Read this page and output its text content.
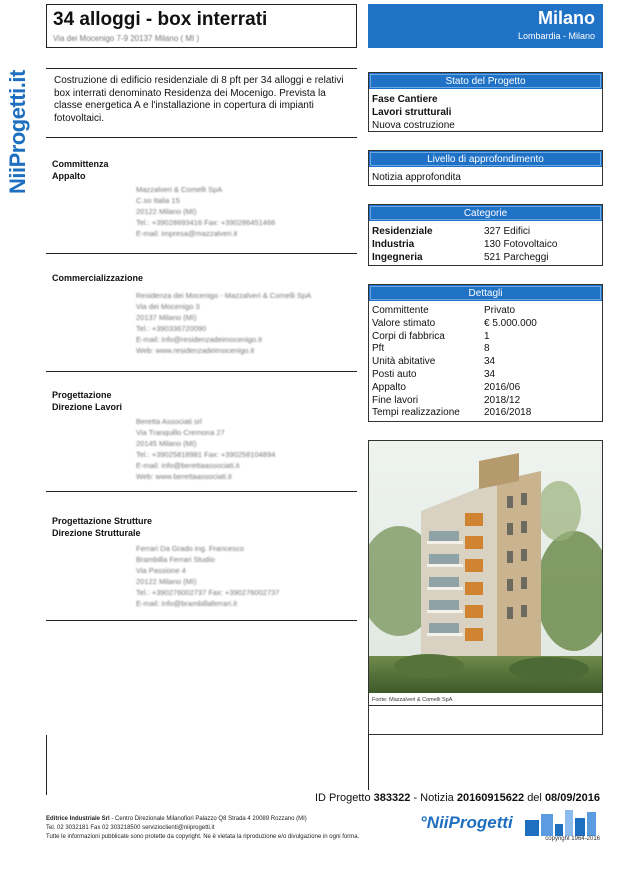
NiiProgetti.it
34 alloggi - box interrati
Via dei Mocenigo 7-9 20137 Milano ( MI )
Milano
Lombardia - Milano
Costruzione di edificio residenziale di 8 pft per 34 alloggi e relativi box interrati denominato Residenza dei Mocenigo. Prevista la classe energetica A e l'installazione in copertura di impianti fotovoltaici.
Committenza
Appalto
Mazzalveri & Comelli SpA
C.so Italia 15
20122 Milano (MI)
Tel.: +39028693416 Fax: +390286451466
E-mail: impresa@mazzalveri.it
Commercializzazione
Residenza dei Mocenigo - Mazzalveri & Comelli SpA
Via dei Mocenigo 3
20137 Milano (MI)
Tel.: +390336720090
E-mail: info@residenzadeimocenigo.it
Web: www.residenzadeimocenigo.it
Progettazione
Direzione Lavori
Beretta Associati srl
Via Tranquillo Cremona 27
20145 Milano (MI)
Tel.: +39025818981 Fax: +390258104894
E-mail: info@berettaassociati.it
Web: www.berettaassociati.it
Progettazione Strutture
Direzione Strutturale
Ferrari Da Grado ing. Francesco
Brambilla Ferrari Studio
Via Passione 4
20122 Milano (MI)
Tel.: +390276002737 Fax: +390276002737
E-mail: info@brambillaferrari.it
Stato del Progetto
Fase Cantiere
Lavori strutturali
Nuova costruzione
Livello di approfondimento
Notizia approfondita
Categorie
Residenziale	327 Edifici
Industria	130 Fotovoltaico
Ingegneria	521 Parcheggi
Dettagli
Committente	Privato
Valore stimato	€ 5.000.000
Corpi di fabbrica	1
Pft	8
Unità abitative	34
Posti auto	34
Appalto	2016/06
Fine lavori	2018/12
Tempi realizzazione	2016/2018
Fonte: Mazzalveri & Comelli SpA
ID Progetto 383322 - Notizia 20160915622 del 08/09/2016
Editrice Industriale Srl - Centro Direzionale Milanofiori Palazzo Q8 Strada 4 20089 Rozzano (MI)
Tel. 02 3032181 Fax 02 303218500 servizioclienti@niiprogetti.it
Tutte le informazioni pubblicate sono protette da copyright. Ne è vietata la riproduzione e/o divulgazione in ogni forma.
°NiiProgetti
copyright 1964-2016
